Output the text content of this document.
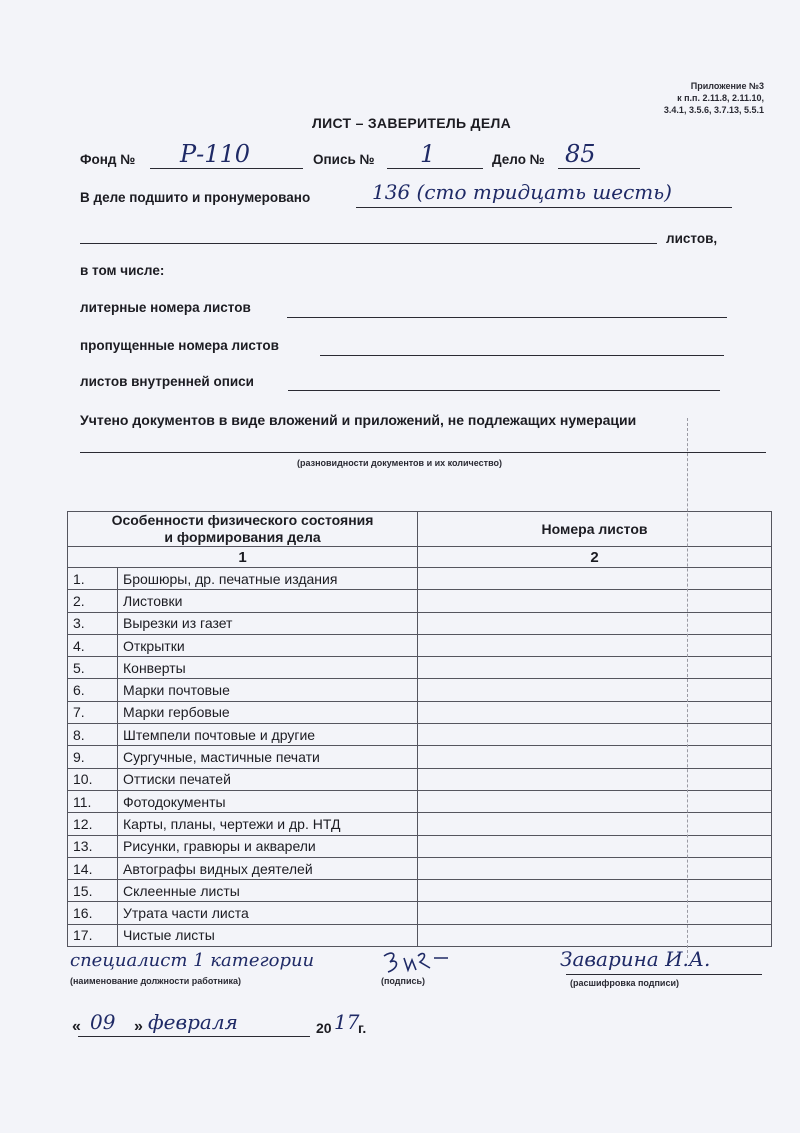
Приложение №3
к п.п. 2.11.8, 2.11.10,
3.4.1, 3.5.6, 3.7.13, 5.5.1
ЛИСТ – ЗАВЕРИТЕЛЬ ДЕЛА
Фонд № Р-110	Опись № 1	Дело № 85
В деле подшито и пронумеровано	136 (сто тридцать шесть)
листов,
в том числе:
литерные номера листов
пропущенные номера листов
листов внутренней описи
Учтено документов в виде вложений и приложений, не подлежащих нумерации
(разновидности документов и их количество)
Особенности физического состояния
и формирования дела		Номера листов
1		2
1.	Брошюры, др. печатные издания	
2.	Листовки	
3.	Вырезки из газет	
4.	Открытки	
5.	Конверты	
6.	Марки почтовые	
7.	Марки гербовые	
8.	Штемпели почтовые и другие	
9.	Сургучные, мастичные печати	
10.	Оттиски печатей	
11.	Фотодокументы	
12.	Карты, планы, чертежи и др. НТД	
13.	Рисунки, гравюры и акварели	
14.	Автографы видных деятелей	
15.	Склеенные листы	
16.	Утрата части листа	
17.	Чистые листы	
специалист 1 категории
(наименование должности работника)	(подпись)
Заварина И.А.
(расшифровка подписи)
« 09 » февраля	20 17
г.
